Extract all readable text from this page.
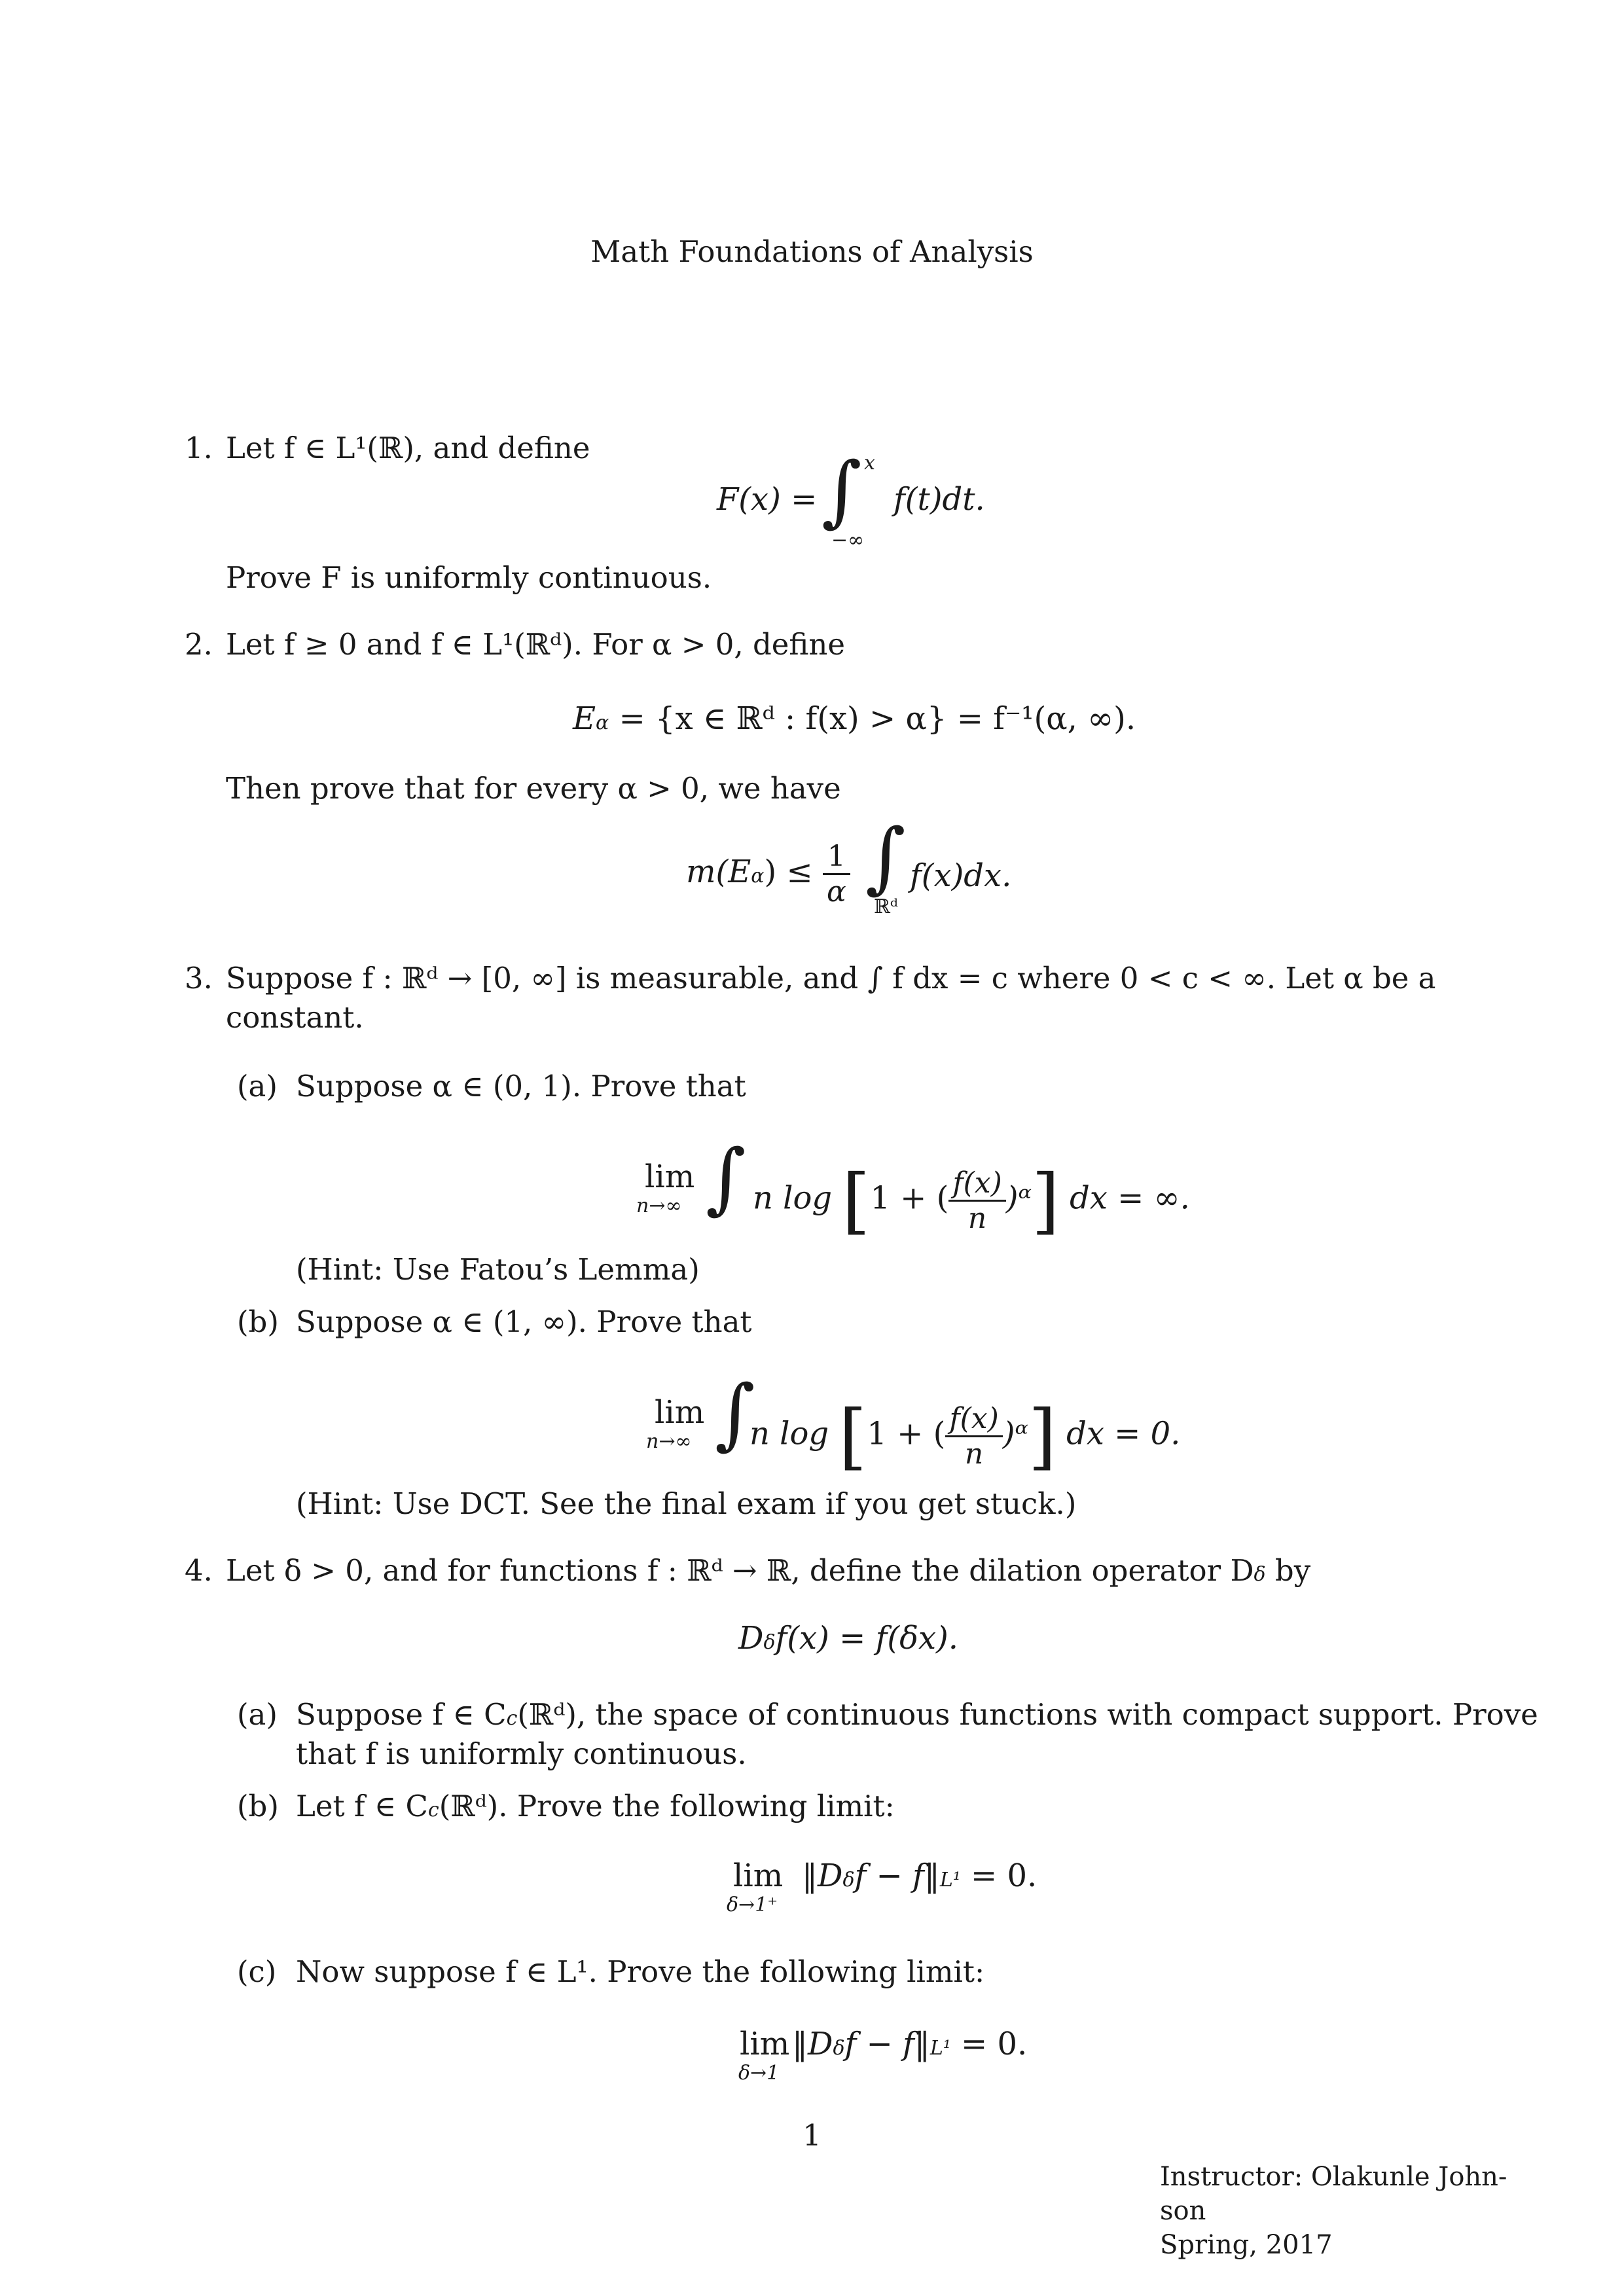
Math Foundations of Analysis
1. Let f ∈ L¹(ℝ), and define
F(x) = ∫ x
−∞
f(t)dt.
Prove F is uniformly continuous.
2. Let f ≥ 0 and f ∈ L¹(ℝᵈ). For α > 0, define
Eα = {x ∈ ℝᵈ : f(x) > α} = f⁻¹(α, ∞).
Then prove that for every α > 0, we have
$m(E\alpha) \le \frac{1}{\alpha}$ ∫
ℝᵈ
f(x)dx.
3. Suppose f : ℝᵈ → [0, ∞] is measurable, and ∫ f dx = c where 0 < c < ∞. Let α be a
constant.
(a) Suppose α ∈ (0, 1). Prove that
lim
n→∞ ∫ n log [1 + ( $\frac{f(x)}{n}$ )ᵅ] dx = ∞.
(Hint: Use Fatou’s Lemma)
(b) Suppose α ∈ (1, ∞). Prove that
lim
n→∞ ∫
n log [1 + ( $\frac{f(x)}{n}$ )ᵅ] dx = 0.
(Hint: Use DCT. See the final exam if you get stuck.)
4. Let δ > 0, and for functions f : ℝᵈ → ℝ, define the dilation operator Dδ by
Dδf(x) = f(δx).
(a) Suppose f ∈ Cc(ℝᵈ), the space of continuous functions with compact support. Prove
that f is uniformly continuous.
(b) Let f ∈ Cc(ℝᵈ). Prove the following limit:
lim
δ→1⁺
‖Dδf − f‖L¹ = 0.
(c) Now suppose f ∈ L¹. Prove the following limit:
lim
δ→1
‖Dδf − f‖L¹ = 0.
1
Instructor: Olakunle John-
son
Spring, 2017
